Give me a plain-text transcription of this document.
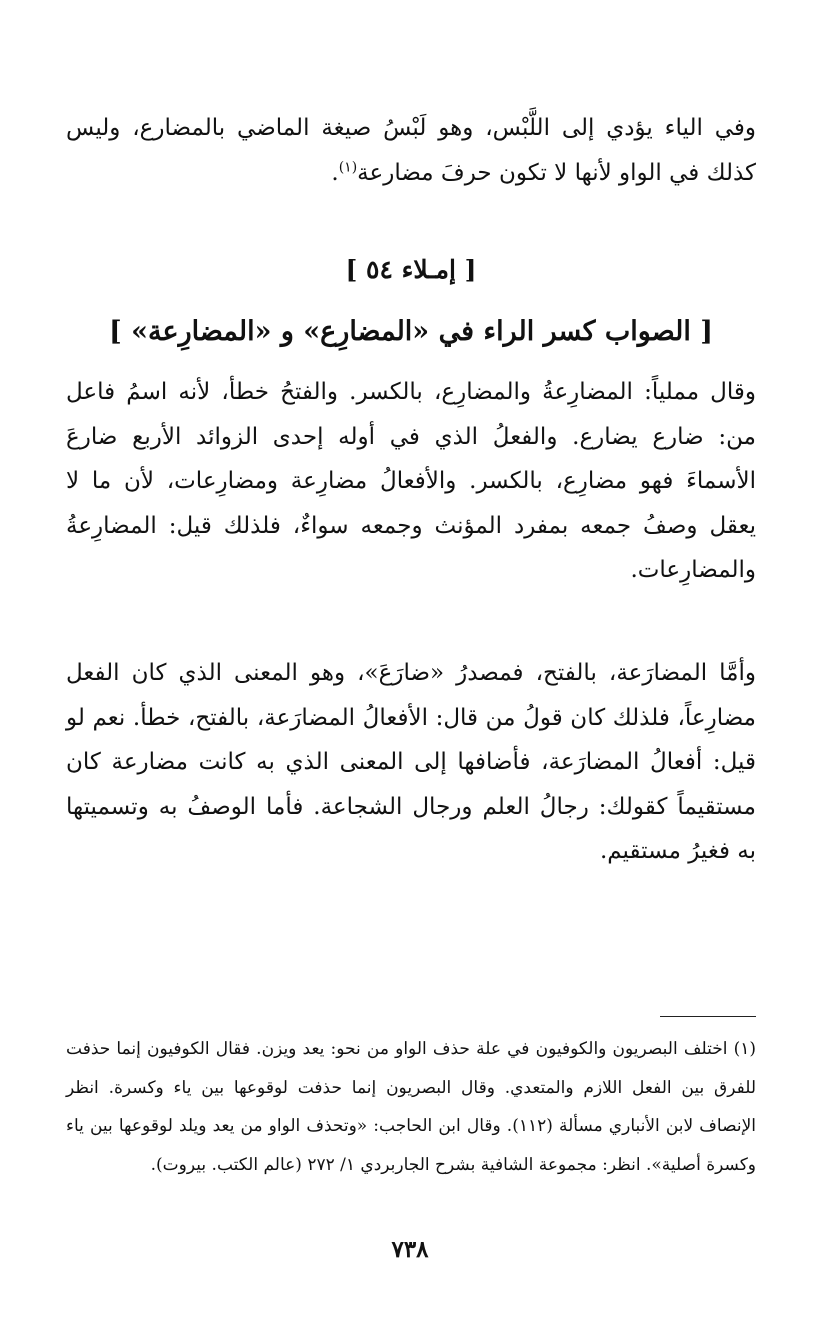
وفي الياء يؤدي إلى اللَّبْس، وهو لَبْسُ صيغة الماضي بالمضارع، وليس كذلك في الواو لأنها لا تكون حرفَ مضارعة$^{(١)}$.

[ إمـلاء ٥٤ ]
[ الصواب كسر الراء في «المضارِع» و «المضارِعة» ]

وقال مملياً: المضارِعةُ والمضارِع، بالكسر. والفتحُ خطأ، لأنه اسمُ فاعل من: ضارع يضارع. والفعلُ الذي في أوله إحدى الزوائد الأربع ضارعَ الأسماءَ فهو مضارِع، بالكسر. والأفعالُ مضارِعة ومضارِعات، لأن ما لا يعقل وصفُ جمعه بمفرد المؤنث وجمعه سواءٌ، فلذلك قيل: المضارِعةُ والمضارِعات.

وأمَّا المضارَعة، بالفتح، فمصدرُ «ضارَعَ»، وهو المعنى الذي كان الفعل مضارِعاً، فلذلك كان قولُ من قال: الأفعالُ المضارَعة، بالفتح، خطأ. نعم لو قيل: أفعالُ المضارَعة، فأضافها إلى المعنى الذي به كانت مضارعة كان مستقيماً كقولك: رجالُ العلم ورجال الشجاعة. فأما الوصفُ به وتسميتها به فغيرُ مستقيم.

(١) اختلف البصريون والكوفيون في علة حذف الواو من نحو: يعد ويزن. فقال الكوفيون إنما حذفت للفرق بين الفعل اللازم والمتعدي. وقال البصريون إنما حذفت لوقوعها بين ياء وكسرة. انظر الإنصاف لابن الأنباري مسألة (١١٢). وقال ابن الحاجب: «وتحذف الواو من يعد ويلد لوقوعها بين ياء وكسرة أصلية». انظر: مجموعة الشافية بشرح الجاربردي ١/ ٢٧٢ (عالم الكتب. بيروت).

٧٣٨
